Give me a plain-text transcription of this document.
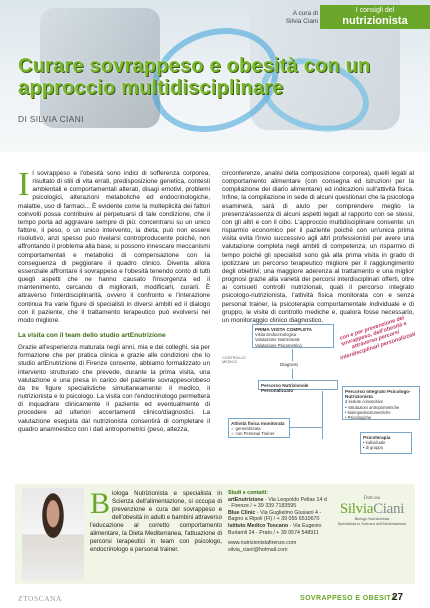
A cura di
Silvia Ciani
I consigli del
nutrizionista
Curare sovrappeso e obesità con un approccio multidisciplinare
DI SILVIA CIANI

Il sovrappeso e l'obesità sono indici di sofferenza corporea, risultato di stili di vita errati, predisposizione genetica, contesti ambientali e comportamentali alterati, disagi emotivi, problemi psicologici, alterazioni metaboliche ed endocrinologiche, malattie, uso di farmaci... È evidente come la molteplicità dei fattori coinvolti possa contribuire al perpetuarsi di tale condizione, che il tempo porta ad aggravare sempre di più: concentrarsi su un unico fattore, il peso, o un unico intervento, la dieta, può non essere risolutivo, anzi spesso può rivelarsi controproducente poiché, non affrontando il problema alla base, si possono innescare meccanismi comportamentali e metabolici di compensazione con la conseguenza di peggiorare il quadro clinico. Diventa allora essenziale affrontare il sovrappeso e l'obesità tenendo conto di tutti quegli aspetti che ne hanno causato l'insorgenza ed il mantenimento, cercando di migliorarli, modificarli, curarli. È attraverso l'interdisciplinarità, ovvero il confronto e l'interazione continua fra varie figure di specialisti in diversi ambiti ed il dialogo con il paziente, che il trattamento terapeutico può evolversi nel modo migliore.

La visita con il team dello studio artEnutrizione

Grazie all'esperienza maturata negli anni, mia e dei colleghi, sia per formazione che per pratica clinica e grazie alle condizioni che lo studio artEnutrizione di Firenze consente, abbiamo formalizzato un intervento strutturato che prevede, durante la prima visita, una valutazione e una presa in carico del paziente sovrappeso/obeso da tre figure specialistiche simultaneamente: il medico, il nutrizionista e lo psicologo. La visita con l'endocrinologo permetterà di inquadrare clinicamente il paziente ed eventualmente di procedere ad ulteriori accertamenti clinico/diagnostici. La valutazione eseguita dal nutrizionista consentirà di completare il quadro anamnestico con i dati antropometrici (peso, altezza,

circonferenze, analisi della composizione corporea), quelli legati al comportamento alimentare (con consegna ed istruzioni per la compilazione del diario alimentare) ed indicazioni sull'attività fisica. Infine, la compilazione in sede di alcuni questionari che la psicologa esaminerà, sarà di aiuto per comprendere meglio la presenza/assenza di alcuni aspetti legati al rapporto con se stessi, con gli altri e con il cibo. L'approccio multidisciplinare consente: un risparmio economico per il paziente poiché con un'unica prima visita evita l'invio successivo agli altri professionisti per avere una valutazione completa negli ambiti di competenza; un risparmio di tempo poiché gli specialisti sono già alla prima visita in grado di ipotizzare un percorso terapeutico migliore per il raggiungimento degli obiettivi; una maggiore aderenza al trattamento e una miglior prognosi grazie alla varietà dei percorsi interdisciplinari offerti, oltre ai consueti controlli nutrizionali, quali il percorso integrato psicologo-nutrizionista, l'attività fisica monitorata con e senza personal trainer, la psicoterapia comportamentale individuale e di gruppo, le visite di controllo mediche e, qualora fosse necessario, un monitoraggio clinico diagnostico.

PRIMA VISITA COMPLETA
Visita Endocrinologica
Valutazione Nutrizionale
Valutazione Psicometrica
CONTROLLO MEDICO	Diagnosi
Percorso Nutrizionale Personalizzato	Percorso Integrato Psicologo-Nutrizionista
3 sedute conoscitive
• Valutazioni antropometriche
• bioimpedenziometriche
• Psicologiche
Attività fisica monitorata
✓ generalizzata
✓ con Personal Trainer
Psicoterapia
• individuale
• di gruppo
con e per prevenzione del sovrappeso, dell'obesità e attraverso percorsi interdisciplinari personalizzati
Biologa Nutrizionista e specialista in Scienza dell'alimentazione, si occupa di prevenzione e cura del sovrappeso e dell'obesità in adulti e bambini attraverso l'educazione al corretto comportamento alimentare, la Dieta Mediterranea, l'attuazione di percorsi terapeutici in team con psicologo, endocrinologo e personal trainer.
Studi e contatti:
artEnutrizione - Via Leopoldo Pellas 14 d - Firenze / + 39 339 7183595
Blue Clinic - Via Guglielmo Giusiani 4 - Bagno a Ripoli (FI) / + 39 055 6510670
Istituto Medico Toscano - Via Eugenio Burlamli 24 - Prato / + 39 0574 548911
www.nutrizionistafirenze.com
silvia_ciani@hotmail.com
Dott.ssa
SilviaCiani
Biologo Nutrizionista
Specialista in Scienza dell'Alimentazione
ZTOSCANA	SOVRAPPESO E OBESITÀ
27
